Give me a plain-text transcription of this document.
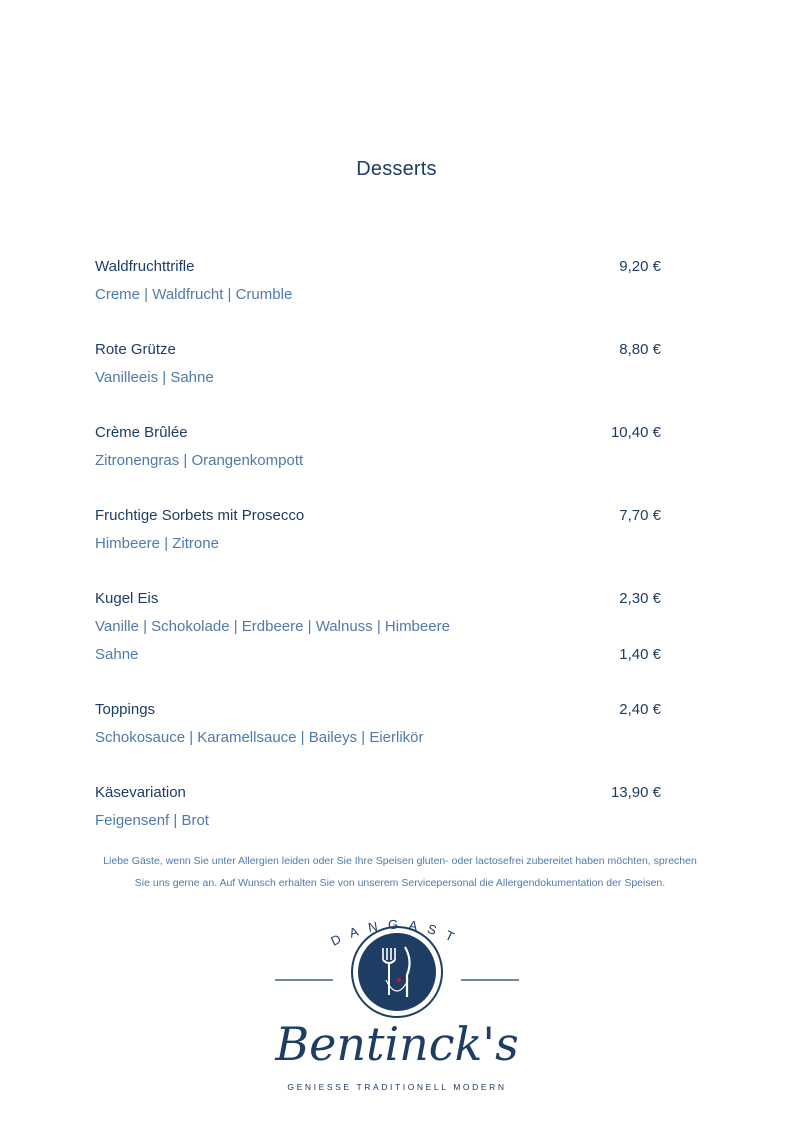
Desserts
Waldfruchttrifle	9,20 €
Creme | Waldfrucht | Crumble
Rote Grütze	8,80 €
Vanilleeis | Sahne
Crème Brûlée	10,40 €
Zitronengras | Orangenkompott
Fruchtige Sorbets mit Prosecco	7,70 €
Himbeere | Zitrone
Kugel Eis	2,30 €
Vanille | Schokolade | Erdbeere | Walnuss | Himbeere
Sahne	1,40 €
Toppings	2,40 €
Schokosauce | Karamellsauce | Baileys | Eierlikör
Käsevariation	13,90 €
Feigensenf | Brot
Liebe Gäste, wenn Sie unter Allergien leiden oder Sie Ihre Speisen gluten- oder lactosefrei zubereitet haben möchten, sprechen Sie uns gerne an. Auf Wunsch erhalten Sie von unserem Servicepersonal die Allergendokumentation der Speisen.
DANGAST
Bentinck's
GENIESSE TRADITIONELL MODERN
